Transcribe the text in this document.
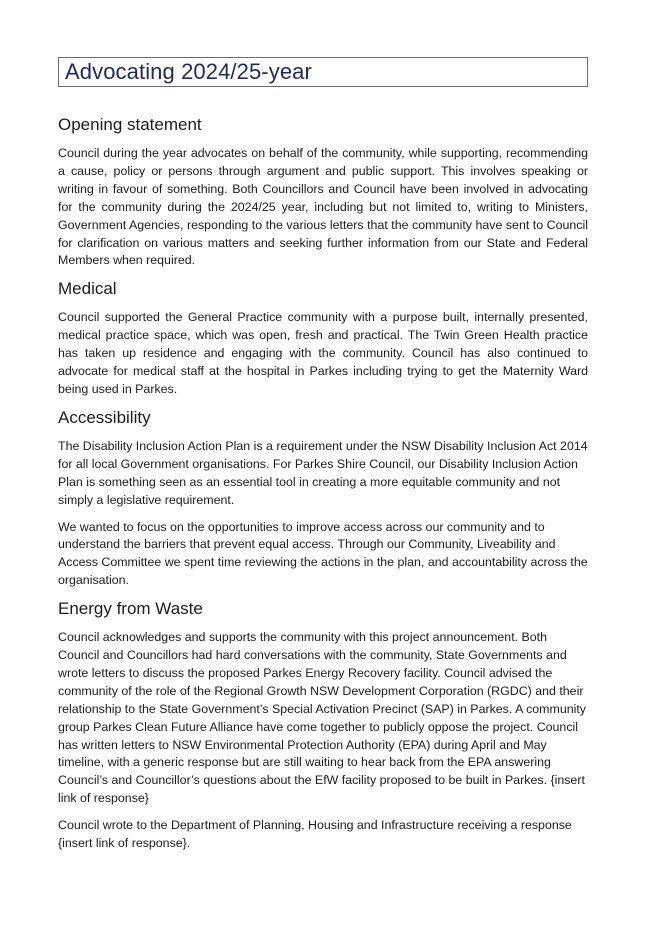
Advocating 2024/25-year
Opening statement

Council during the year advocates on behalf of the community, while supporting, recommending a cause, policy or persons through argument and public support. This involves speaking or writing in favour of something. Both Councillors and Council have been involved in advocating for the community during the 2024/25 year, including but not limited to, writing to Ministers, Government Agencies, responding to the various letters that the community have sent to Council for clarification on various matters and seeking further information from our State and Federal Members when required.

Medical

Council supported the General Practice community with a purpose built, internally presented, medical practice space, which was open, fresh and practical. The Twin Green Health practice has taken up residence and engaging with the community. Council has also continued to advocate for medical staff at the hospital in Parkes including trying to get the Maternity Ward being used in Parkes.

Accessibility

The Disability Inclusion Action Plan is a requirement under the NSW Disability Inclusion Act 2014 for all local Government organisations. For Parkes Shire Council, our Disability Inclusion Action Plan is something seen as an essential tool in creating a more equitable community and not simply a legislative requirement.

We wanted to focus on the opportunities to improve access across our community and to understand the barriers that prevent equal access. Through our Community, Liveability and Access Committee we spent time reviewing the actions in the plan, and accountability across the organisation.

Energy from Waste

Council acknowledges and supports the community with this project announcement. Both Council and Councillors had hard conversations with the community, State Governments and wrote letters to discuss the proposed Parkes Energy Recovery facility. Council advised the community of the role of the Regional Growth NSW Development Corporation (RGDC) and their relationship to the State Government’s Special Activation Precinct (SAP) in Parkes. A community group Parkes Clean Future Alliance have come together to publicly oppose the project. Council has written letters to NSW Environmental Protection Authority (EPA) during April and May timeline, with a generic response but are still waiting to hear back from the EPA answering Council’s and Councillor’s questions about the EfW facility proposed to be built in Parkes. {insert link of response}

Council wrote to the Department of Planning, Housing and Infrastructure receiving a response {insert link of response}.
